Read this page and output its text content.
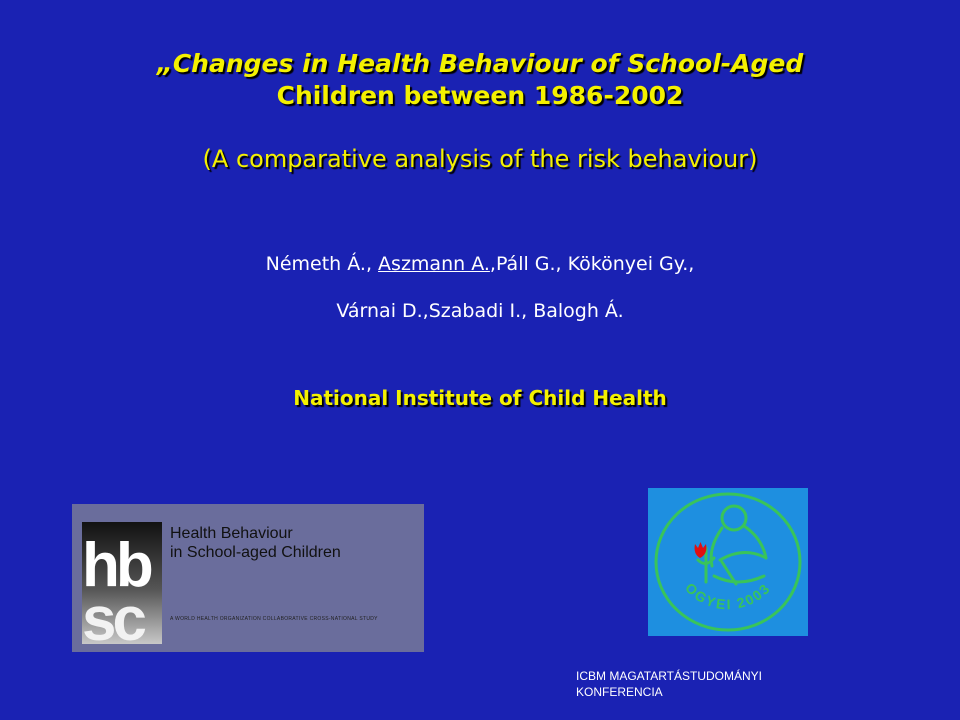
„Changes in Health Behaviour of School-Aged
Children between 1986-2002
(A comparative analysis of the risk behaviour)
Németh Á., Aszmann A.,Páll G., Kökönyei Gy.,
Várnai D.,Szabadi I., Balogh Á.
National Institute of Child Health
hb
sc
Health Behaviour
in School-aged Children
A WORLD HEALTH ORGANIZATION COLLABORATIVE CROSS-NATIONAL STUDY
OGYEI 2003
ICBM MAGATARTÁSTUDOMÁNYI
KONFERENCIA
